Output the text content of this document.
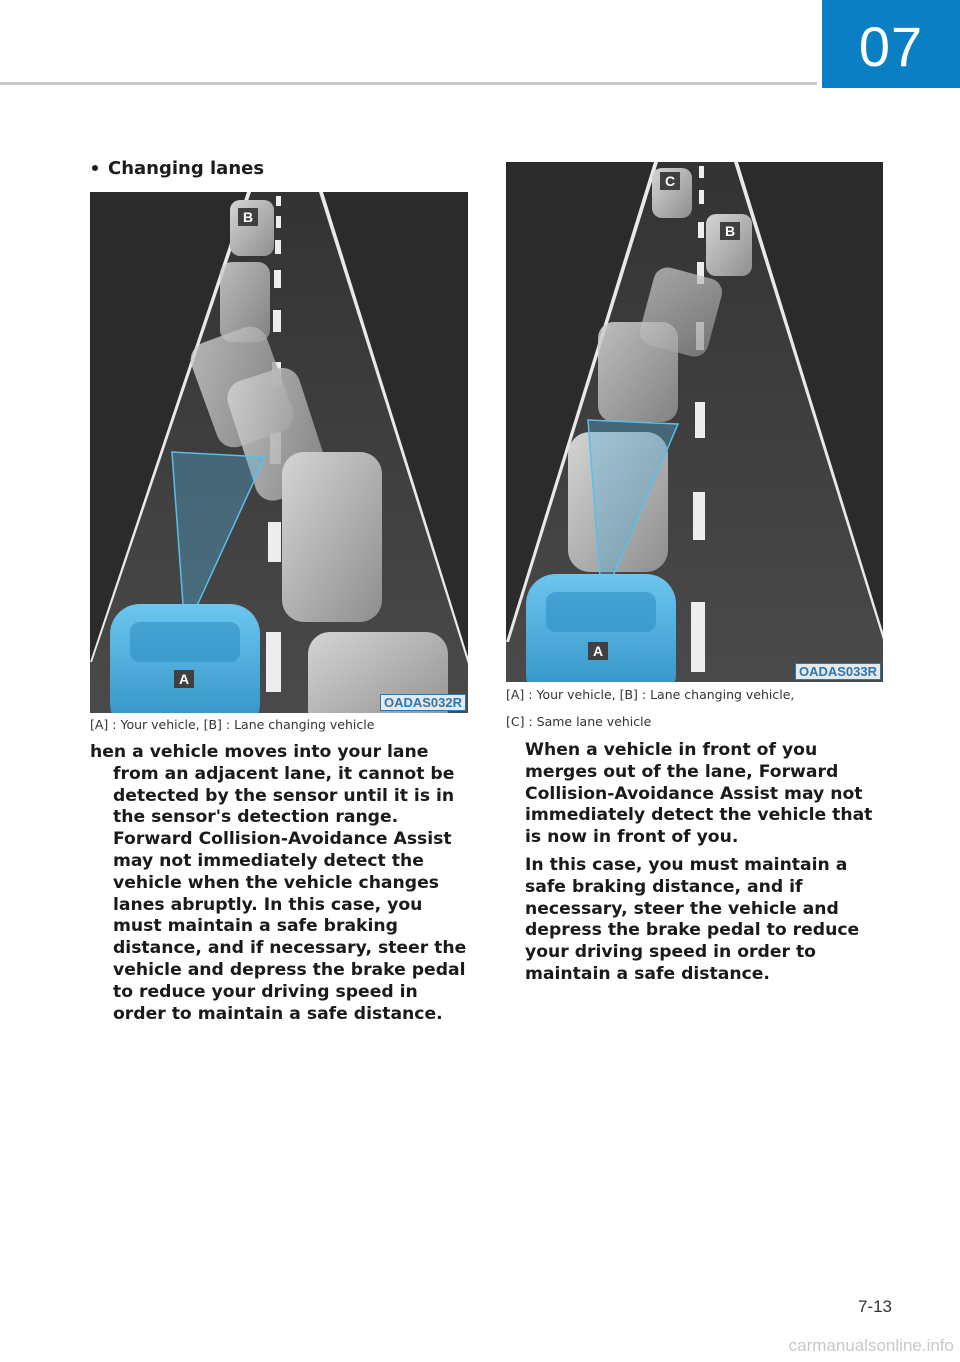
07
Changing lanes
B
A
OADAS032R
[A] : Your vehicle, [B] : Lane changing vehicle
hen a vehicle moves into your lane from an adjacent lane, it cannot be detected by the sensor until it is in the sensor's detection range. Forward Collision-Avoidance Assist may not immediately detect the vehicle when the vehicle changes lanes abruptly. In this case, you must maintain a safe braking distance, and if necessary, steer the vehicle and depress the brake pedal to reduce your driving speed in order to maintain a safe distance.
C
B
A
OADAS033R
[A] : Your vehicle, [B] : Lane changing vehicle,
[C] : Same lane vehicle
When a vehicle in front of you merges out of the lane, Forward Collision-Avoidance Assist may not immediately detect the vehicle that is now in front of you.
In this case, you must maintain a safe braking distance, and if necessary, steer the vehicle and depress the brake pedal to reduce your driving speed in order to maintain a safe distance.
7-13
carmanualsonline.info
